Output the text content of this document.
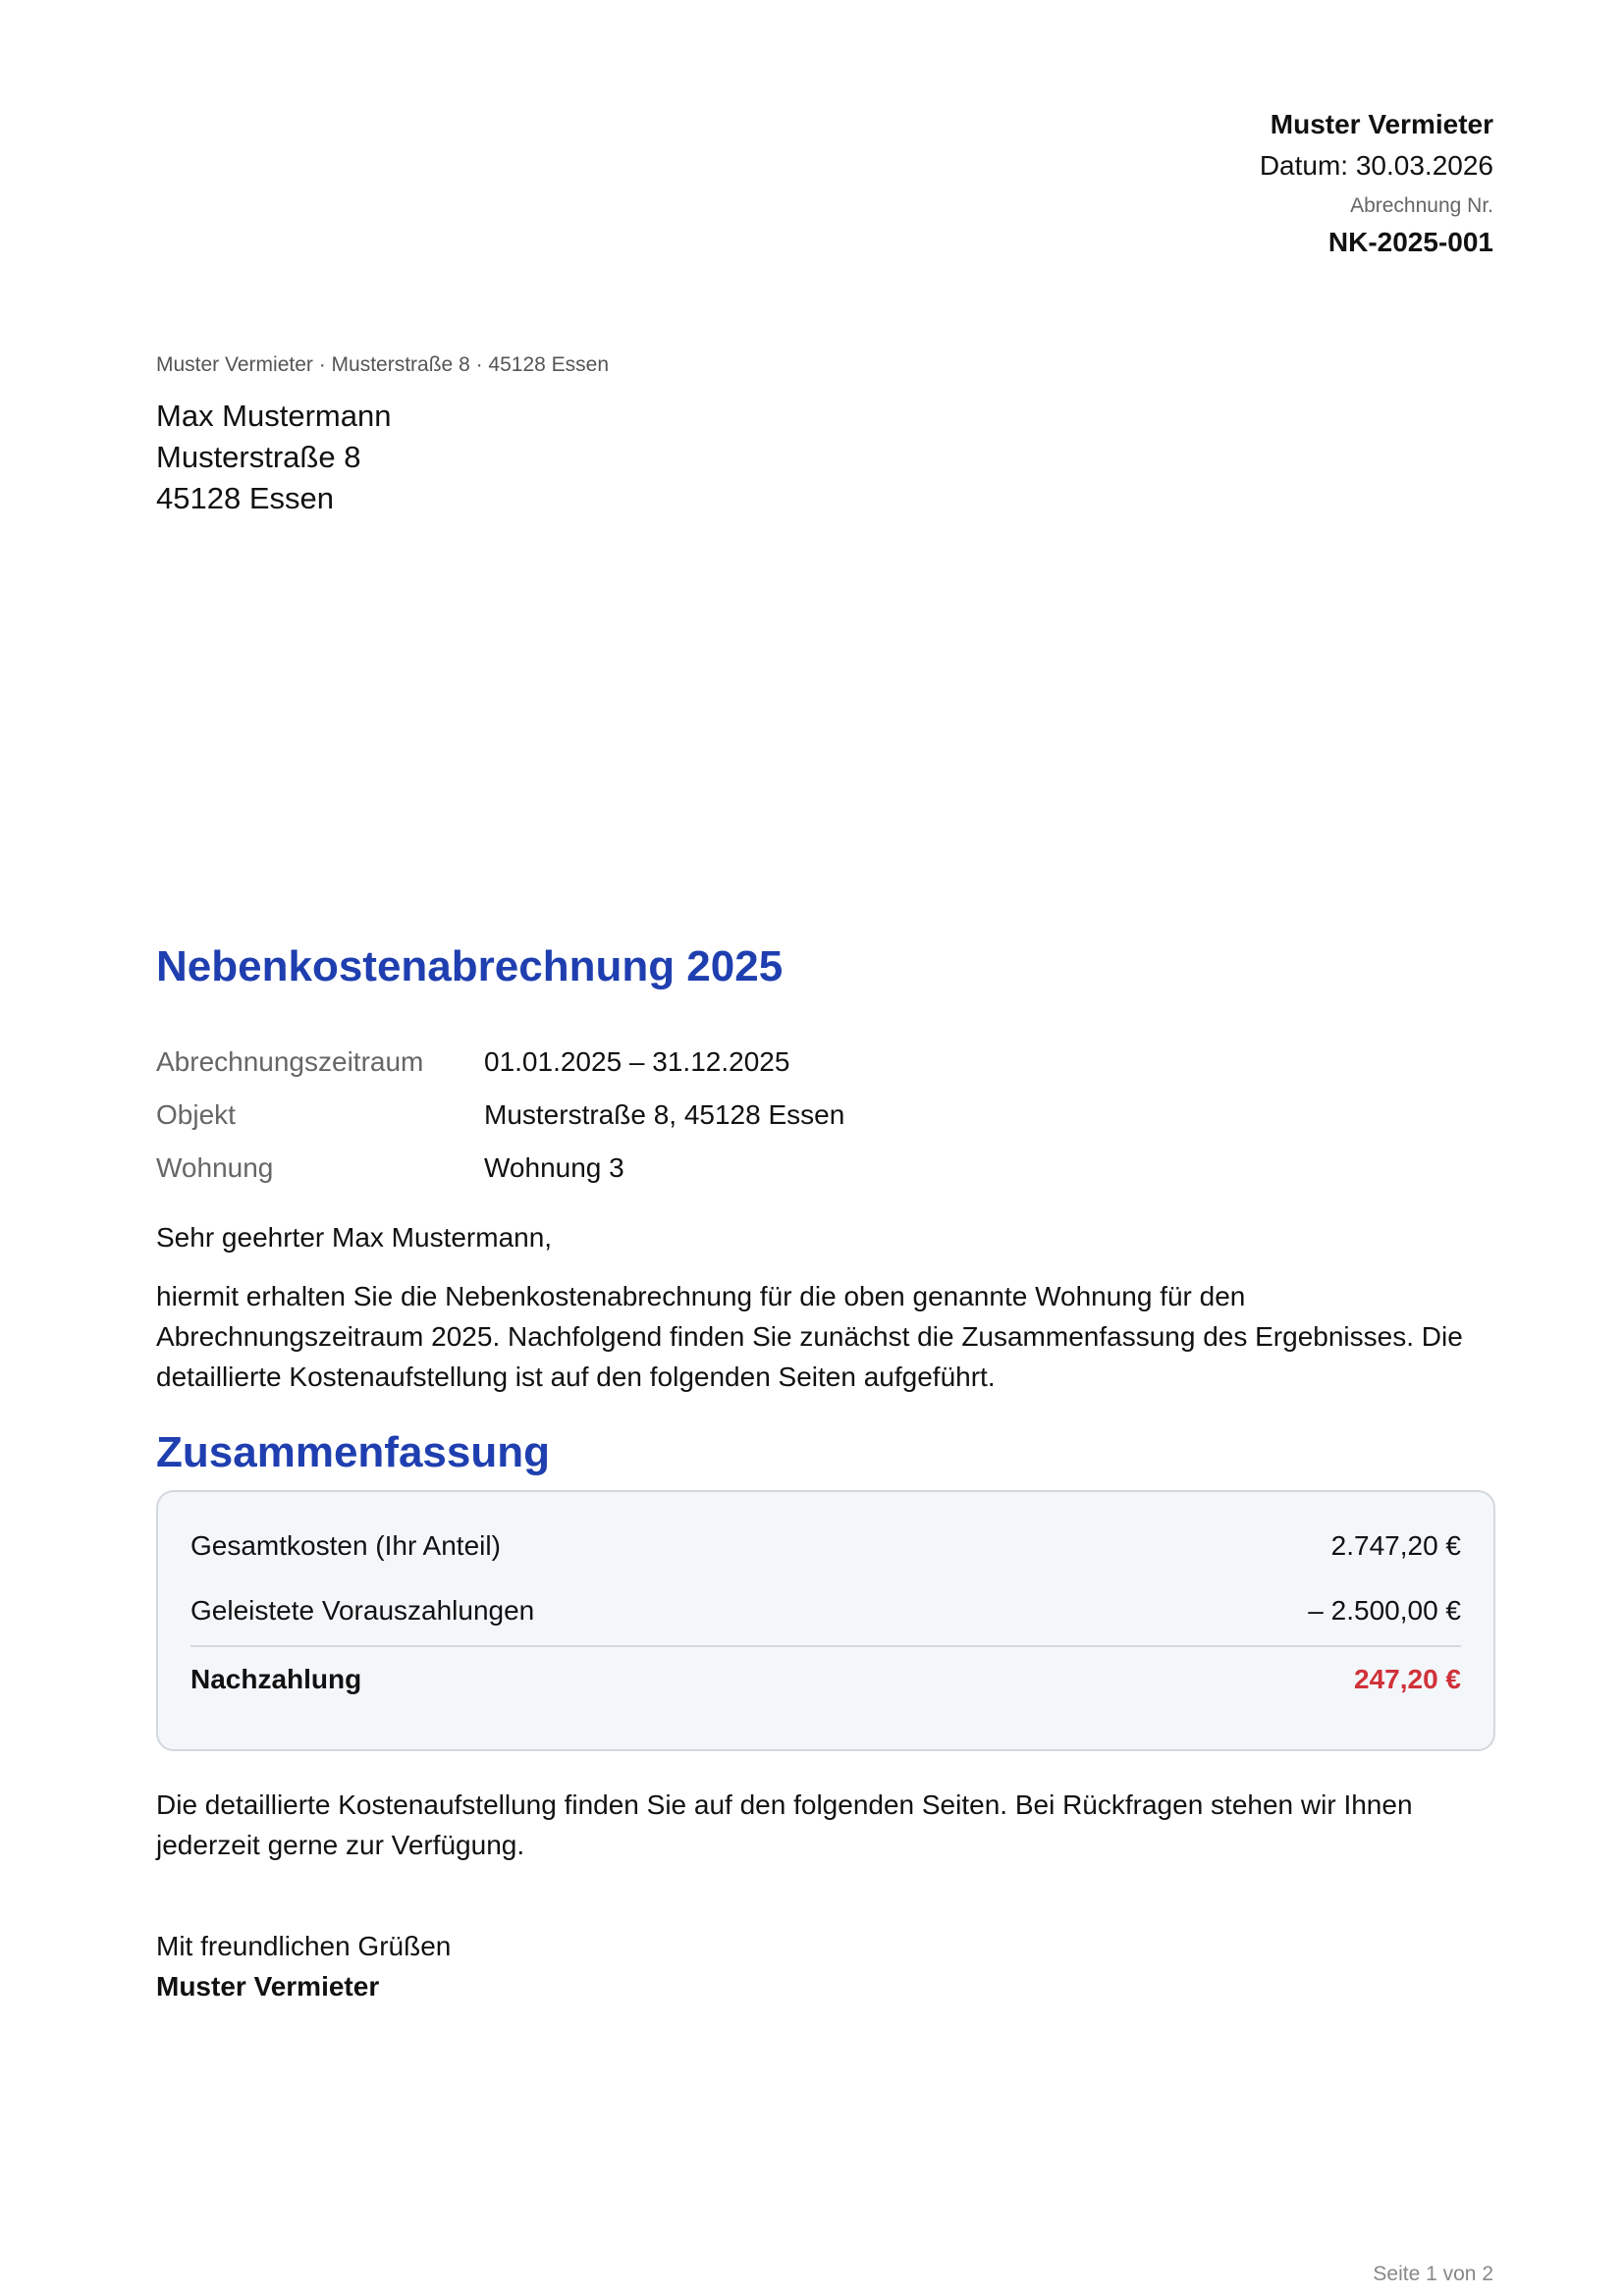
Muster Vermieter
Datum: 30.03.2026
Abrechnung Nr.
NK-2025-001
Muster Vermieter · Musterstraße 8 · 45128 Essen
Max Mustermann
Musterstraße 8
45128 Essen
Nebenkostenabrechnung 2025
Abrechnungszeitraum	01.01.2025 – 31.12.2025
Objekt	Musterstraße 8, 45128 Essen
Wohnung	Wohnung 3
Sehr geehrter Max Mustermann,
hiermit erhalten Sie die Nebenkostenabrechnung für die oben genannte Wohnung für den Abrechnungszeitraum 2025. Nachfolgend finden Sie zunächst die Zusammenfassung des Ergebnisses. Die detaillierte Kostenaufstellung ist auf den folgenden Seiten aufgeführt.
Zusammenfassung
Gesamtkosten (Ihr Anteil)	2.747,20 €
Geleistete Vorauszahlungen	– 2.500,00 €
Nachzahlung	247,20 €
Die detaillierte Kostenaufstellung finden Sie auf den folgenden Seiten. Bei Rückfragen stehen wir Ihnen jederzeit gerne zur Verfügung.
Mit freundlichen Grüßen
Muster Vermieter
Seite 1 von 2
